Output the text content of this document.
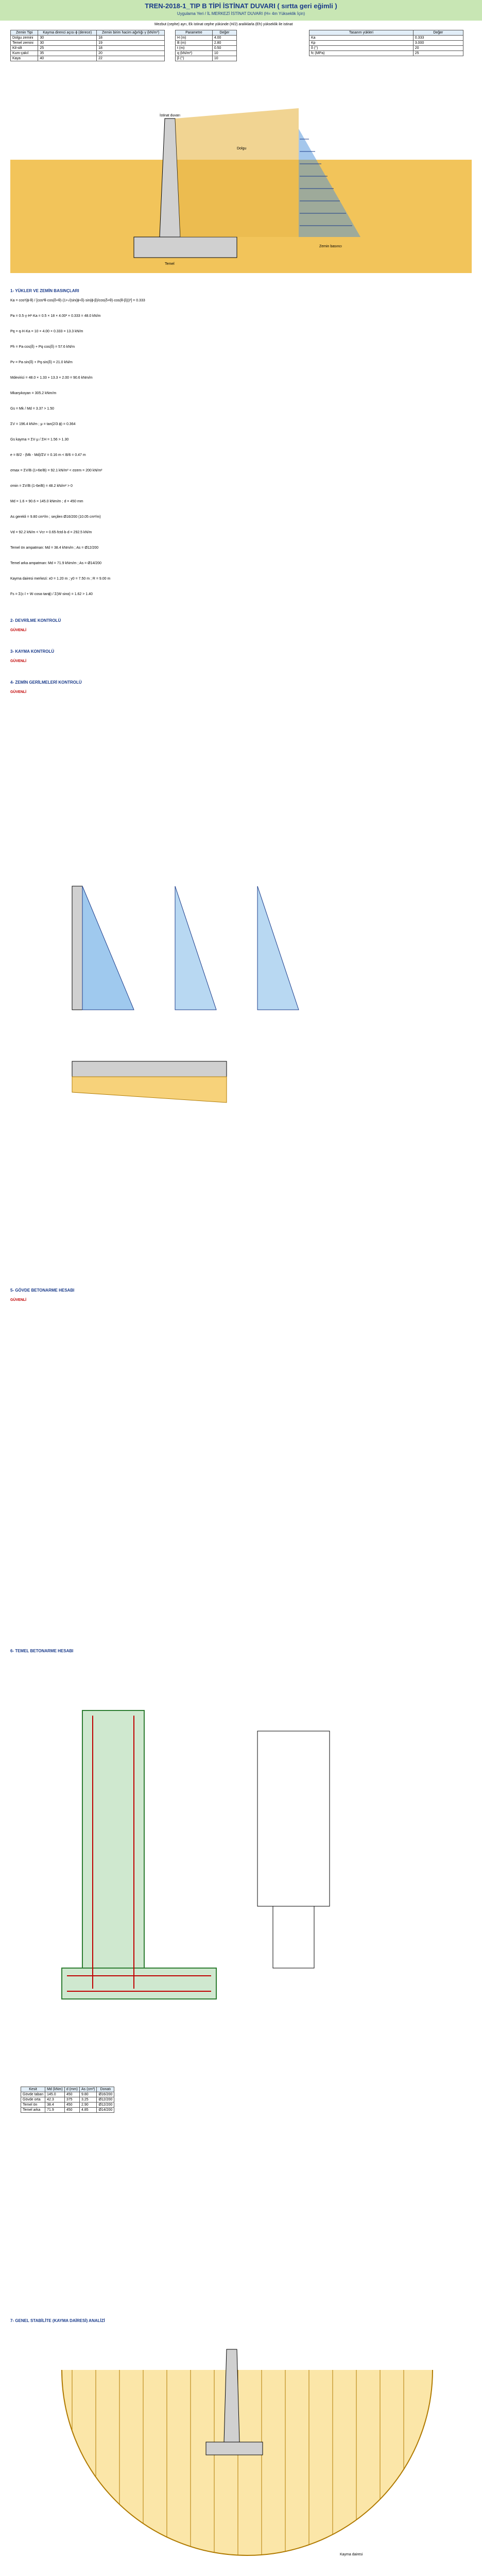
TREN-2018-1_TIP B TİPİ İSTİNAT DUVARI ( sırtta geri eğimli )
Uygulama Yeri / İL MERKEZİ İSTİNAT DUVARI (H= 4m Yükseklik İçin)
Mezbut (cephe) ayrı, Ek istinat cephe yükünde (H/2) aralıklarla (Eh) yükseklik ile istinat
Zemin Tipi	Kayma direnci açısı ϕ (derece)	Zemin birim hacim ağırlığı γ (kN/m³)
Dolgu zemini	30	18
Temel zemini	30	19
Kil-silt	25	18
Kum-çakıl	35	20
Kaya	40	22
Parametre	Değer
H (m)	4.00
B (m)	2.80
t (m)	0.50
q (kN/m²)	10
β (°)	10
Tasarım yükleri	Değer
Ka	0.333
Kp	3.000
δ (°)	20
fc (MPa)	25
İstinat duvarı
Dolgu
Temel
Zemin basıncı
1- YÜKLER VE ZEMİN BASINÇLARI
Ka = cos²(ϕ-θ) / [cos²θ·cos(δ+θ)·(1+√(sin(ϕ+δ)·sin(ϕ-β)/cos(δ+θ)·cos(θ-β)))²] = 0.333
Pa = 0.5·γ·H²·Ka = 0.5 × 18 × 4.00² × 0.333 = 48.0 kN/m
Pq = q·H·Ka = 10 × 4.00 × 0.333 = 13.3 kN/m
Ph = Pa·cos(δ) + Pq·cos(δ) = 57.6 kN/m
Pv = Pa·sin(δ) + Pq·sin(δ) = 21.0 kN/m
Mdevirici = 48.0 × 1.33 + 13.3 × 2.00 = 90.6 kNm/m
Mkarşıkoyan = 305.2 kNm/m
Gs = Mk / Md = 3.37 > 1.50
ΣV = 196.4 kN/m ; μ = tan(2/3·ϕ) = 0.364
Gs kayma = ΣV·μ / ΣH = 1.56 > 1.30
e = B/2 - (Mk - Md)/ΣV = 0.16 m < B/6 = 0.47 m
σmax = ΣV/B·(1+6e/B) = 92.1 kN/m² < σzem = 200 kN/m²
σmin = ΣV/B·(1-6e/B) = 48.2 kN/m² > 0
Md = 1.6 × 90.6 = 145.0 kNm/m ; d = 450 mm
As gerekli = 9.80 cm²/m ; seçilen Ø16/200 (10.05 cm²/m)
Vd = 92.2 kN/m < Vcr = 0.65·fctd·b·d = 292.5 kN/m
Temel ön ampatman: Md = 38.4 kNm/m ; As = Ø12/200
Temel arka ampatman: Md = 71.9 kNm/m ; As = Ø14/200
Kayma dairesi merkezi: x0 = 1.20 m ; y0 = 7.50 m ; R = 9.00 m
Fs = Σ(c·l + W·cosα·tanϕ) / Σ(W·sinα) = 1.62 > 1.40
2- DEVRİLME KONTROLÜ
GÜVENLİ
3- KAYMA KONTROLÜ
GÜVENLİ
4- ZEMİN GERİLMELERİ KONTROLÜ
GÜVENLİ
5- GÖVDE BETONARME HESABI
GÜVENLİ
6- TEMEL BETONARME HESABI
Kesit	Md (kNm)	d (mm)	As (cm²)	Donatı
Gövde taban	145.0	450	9.80	Ø16/200
Gövde orta	42.3	375	3.25	Ø12/200
Temel ön	38.4	450	2.90	Ø12/200
Temel arka	71.9	450	4.85	Ø14/200
7- GENEL STABİLİTE (KAYMA DAİRESİ) ANALİZİ
Kayma dairesi
